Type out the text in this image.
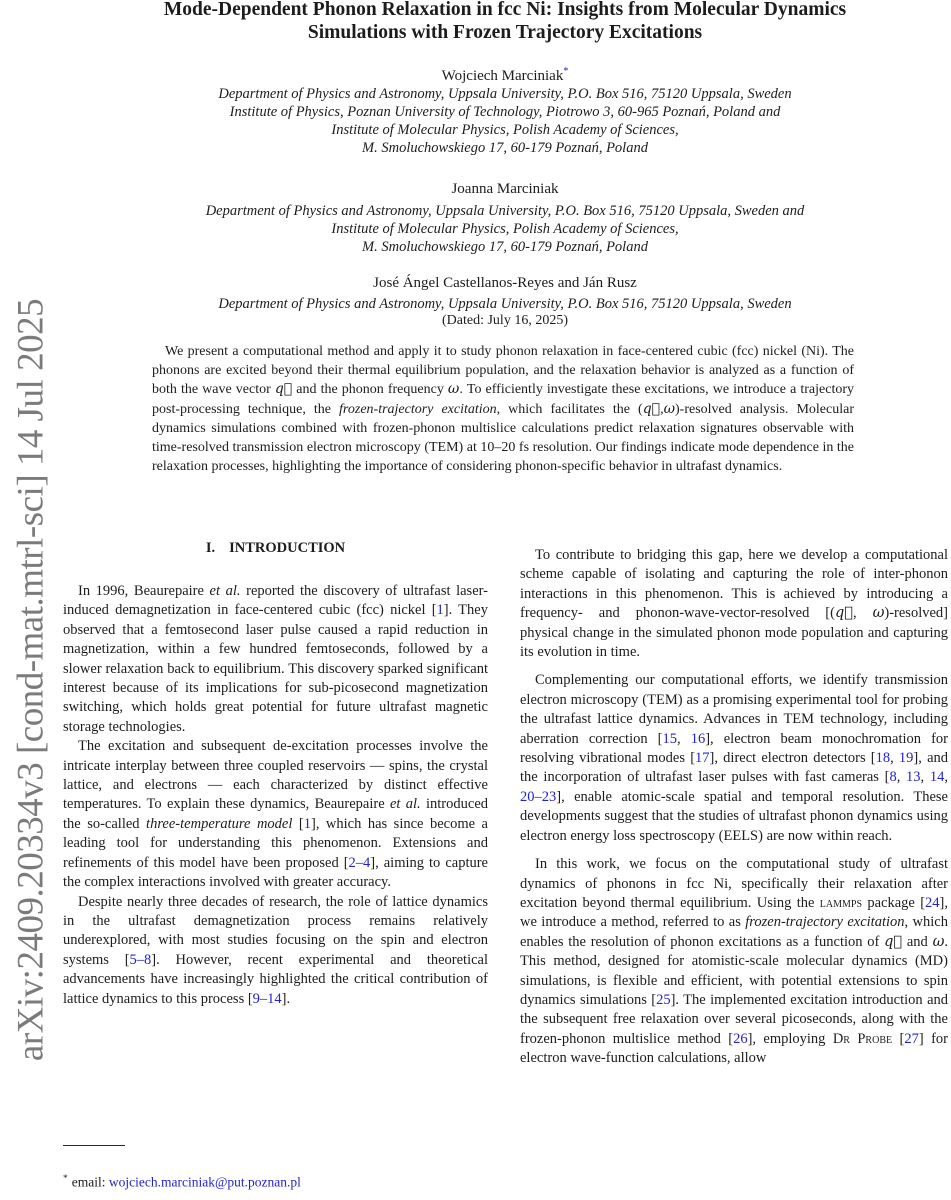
arXiv:2409.20334v3 [cond-mat.mtrl-sci] 14 Jul 2025
Mode-Dependent Phonon Relaxation in fcc Ni: Insights from Molecular Dynamics
Simulations with Frozen Trajectory Excitations
Wojciech Marciniak*
Department of Physics and Astronomy, Uppsala University, P.O. Box 516, 75120 Uppsala, Sweden
Institute of Physics, Poznan University of Technology, Piotrowo 3, 60-965 Poznań, Poland and
Institute of Molecular Physics, Polish Academy of Sciences,
M. Smoluchowskiego 17, 60-179 Poznań, Poland
Joanna Marciniak
Department of Physics and Astronomy, Uppsala University, P.O. Box 516, 75120 Uppsala, Sweden and
Institute of Molecular Physics, Polish Academy of Sciences,
M. Smoluchowskiego 17, 60-179 Poznań, Poland
José Ángel Castellanos-Reyes and Ján Rusz
Department of Physics and Astronomy, Uppsala University, P.O. Box 516, 75120 Uppsala, Sweden
(Dated: July 16, 2025)
We present a computational method and apply it to study phonon relaxation in face-centered cubic (fcc) nickel (Ni). The phonons are excited beyond their thermal equilibrium population, and the relaxation behavior is analyzed as a function of both the wave vector q⃗ and the phonon frequency ω. To efficiently investigate these excitations, we introduce a trajectory post-processing technique, the frozen-trajectory excitation, which facilitates the (q⃗,ω)-resolved analysis. Molecular dynamics simulations combined with frozen-phonon multislice calculations predict relaxation signatures observable with time-resolved transmission electron microscopy (TEM) at 10–20 fs resolution. Our findings indicate mode dependence in the relaxation processes, highlighting the importance of considering phonon-specific behavior in ultrafast dynamics.
I. INTRODUCTION

In 1996, Beaurepaire et al. reported the discovery of ultrafast laser-induced demagnetization in face-centered cubic (fcc) nickel [1]. They observed that a femtosecond laser pulse caused a rapid reduction in magnetization, within a few hundred femtoseconds, followed by a slower relaxation back to equilibrium. This discovery sparked significant interest because of its implications for sub-picosecond magnetization switching, which holds great potential for future ultrafast magnetic storage technologies.

The excitation and subsequent de-excitation processes involve the intricate interplay between three coupled reservoirs — spins, the crystal lattice, and electrons — each characterized by distinct effective temperatures. To explain these dynamics, Beaurepaire et al. introduced the so-called three-temperature model [1], which has since become a leading tool for understanding this phenomenon. Extensions and refinements of this model have been proposed [2–4], aiming to capture the complex interactions involved with greater accuracy.

Despite nearly three decades of research, the role of lattice dynamics in the ultrafast demagnetization process remains relatively underexplored, with most studies focusing on the spin and electron systems [5–8]. However, recent experimental and theoretical advancements have increasingly highlighted the critical contribution of lattice dynamics to this process [9–14].

To contribute to bridging this gap, here we develop a computational scheme capable of isolating and capturing the role of inter-phonon interactions in this phenomenon. This is achieved by introducing a frequency- and phonon-wave-vector-resolved [(q⃗, ω)-resolved] physical change in the simulated phonon mode population and capturing its evolution in time.

Complementing our computational efforts, we identify transmission electron microscopy (TEM) as a promising experimental tool for probing the ultrafast lattice dynamics. Advances in TEM technology, including aberration correction [15, 16], electron beam monochromation for resolving vibrational modes [17], direct electron detectors [18, 19], and the incorporation of ultrafast laser pulses with fast cameras [8, 13, 14, 20–23], enable atomic-scale spatial and temporal resolution. These developments suggest that the studies of ultrafast phonon dynamics using electron energy loss spectroscopy (EELS) are now within reach.

In this work, we focus on the computational study of ultrafast dynamics of phonons in fcc Ni, specifically their relaxation after excitation beyond thermal equilibrium. Using the lammps package [24], we introduce a method, referred to as frozen-trajectory excitation, which enables the resolution of phonon excitations as a function of q⃗ and ω. This method, designed for atomistic-scale molecular dynamics (MD) simulations, is flexible and efficient, with potential extensions to spin dynamics simulations [25]. The implemented excitation introduction and the subsequent free relaxation over several picoseconds, along with the frozen-phonon multislice method [26], employing Dr Probe [27] for electron wave-function calculations, allow

* email: wojciech.marciniak@put.poznan.pl
